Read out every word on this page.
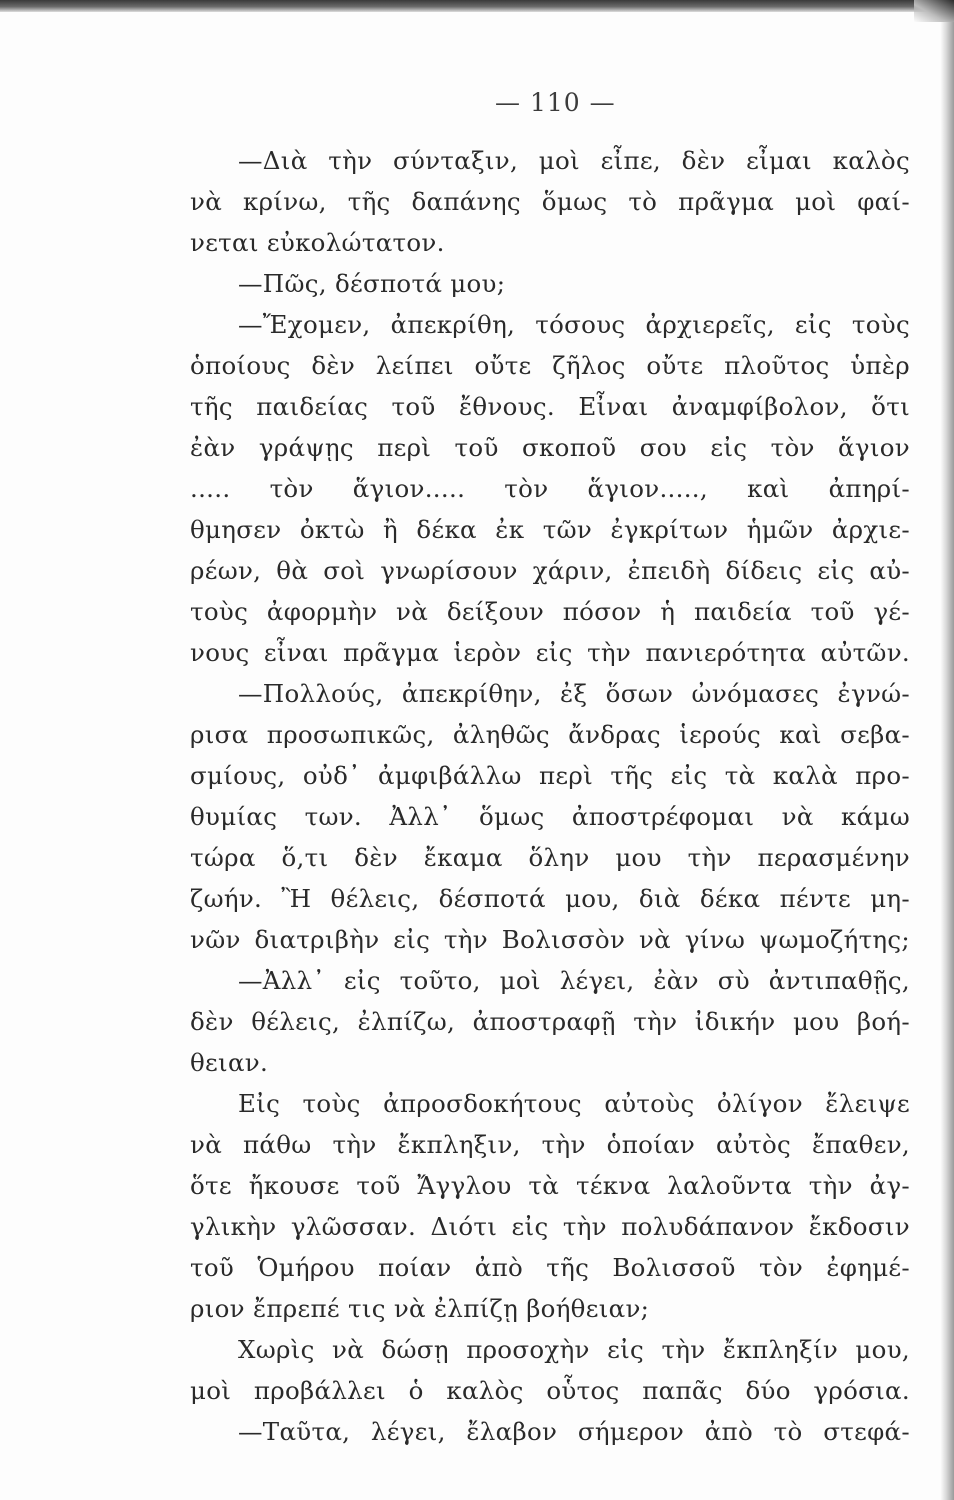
— 110 —
—Διὰ τὴν σύνταξιν, μοὶ εἶπε, δὲν εἶμαι καλὸς
νὰ κρίνω, τῆς δαπάνης ὅμως τὸ πρᾶγμα μοὶ φαί-
νεται εὐκολώτατον.
—Πῶς, δέσποτά μου;
—Ἔχομεν, ἀπεκρίθη, τόσους ἀρχιερεῖς, εἰς τοὺς
ὁποίους δὲν λείπει οὔτε ζῆλος οὔτε πλοῦτος ὑπὲρ
τῆς παιδείας τοῦ ἔθνους. Εἶναι ἀναμφίβολον, ὅτι
ἐὰν γράψῃς περὶ τοῦ σκοποῦ σου εἰς τὸν ἅγιον
..... τὸν ἅγιον..... τὸν ἅγιον....., καὶ ἀπηρί-
θμησεν ὀκτὼ ἢ δέκα ἐκ τῶν ἐγκρίτων ἡμῶν ἀρχιε-
ρέων, θὰ σοὶ γνωρίσουν χάριν, ἐπειδὴ δίδεις εἰς αὐ-
τοὺς ἀφορμὴν νὰ δείξουν πόσον ἡ παιδεία τοῦ γέ-
νους εἶναι πρᾶγμα ἱερὸν εἰς τὴν πανιερότητα αὐτῶν.
—Πολλούς, ἀπεκρίθην, ἐξ ὅσων ὠνόμασες ἐγνώ-
ρισα προσωπικῶς, ἀληθῶς ἄνδρας ἱερούς καὶ σεβα-
σμίους, οὐδ᾽ ἀμφιβάλλω περὶ τῆς εἰς τὰ καλὰ προ-
θυμίας των. Ἀλλ᾽ ὅμως ἀποστρέφομαι νὰ κάμω
τώρα ὅ,τι δὲν ἔκαμα ὅλην μου τὴν περασμένην
ζωήν. Ἢ θέλεις, δέσποτά μου, διὰ δέκα πέντε μη-
νῶν διατριβὴν εἰς τὴν Βολισσὸν νὰ γίνω ψωμοζήτης;
—Ἀλλ᾽ εἰς τοῦτο, μοὶ λέγει, ἐὰν σὺ ἀντιπαθῇς,
δὲν θέλεις, ἐλπίζω, ἀποστραφῇ τὴν ἰδικήν μου βοή-
θειαν.
Εἰς τοὺς ἀπροσδοκήτους αὐτοὺς ὀλίγον ἔλειψε
νὰ πάθω τὴν ἔκπληξιν, τὴν ὁποίαν αὐτὸς ἔπαθεν,
ὅτε ἤκουσε τοῦ Ἄγγλου τὰ τέκνα λαλοῦντα τὴν ἀγ-
γλικὴν γλῶσσαν. Διότι εἰς τὴν πολυδάπανον ἔκδοσιν
τοῦ Ὁμήρου ποίαν ἀπὸ τῆς Βολισσοῦ τὸν ἐφημέ-
ριον ἔπρεπέ τις νὰ ἐλπίζῃ βοήθειαν;
Χωρὶς νὰ δώσῃ προσοχὴν εἰς τὴν ἔκπληξίν μου,
μοὶ προβάλλει ὁ καλὸς οὗτος παπᾶς δύο γρόσια.
—Ταῦτα, λέγει, ἔλαβον σήμερον ἀπὸ τὸ στεφά-
